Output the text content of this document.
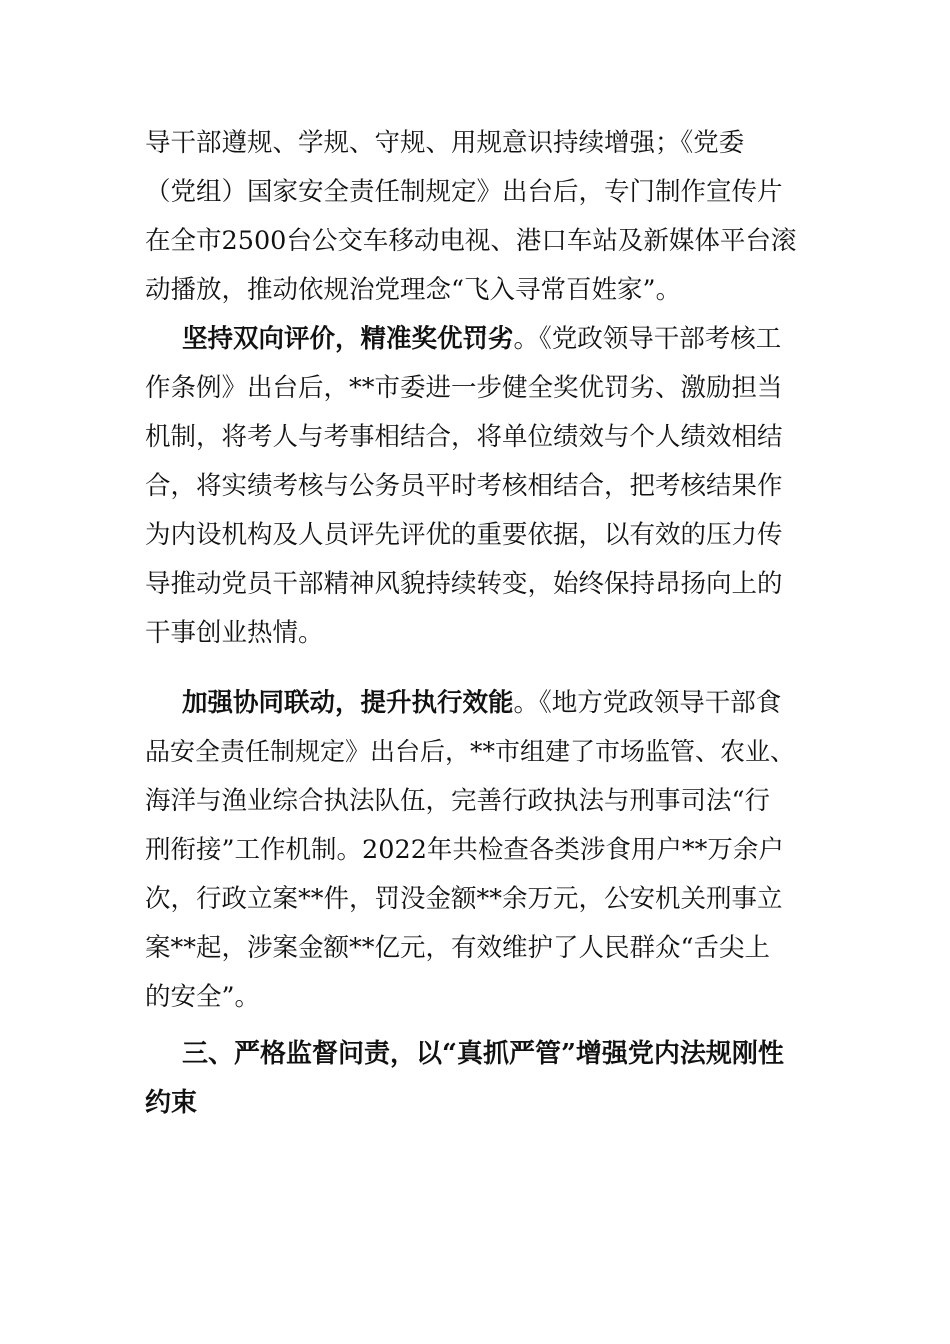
导干部遵规、学规、守规、用规意识持续增强；《党委
（党组）国家安全责任制规定》出台后，专门制作宣传片
在全市2500台公交车移动电视、港口车站及新媒体平台滚
动播放，推动依规治党理念“飞入寻常百姓家”。
坚持双向评价，精准奖优罚劣。《党政领导干部考核工
作条例》出台后，**市委进一步健全奖优罚劣、激励担当
机制，将考人与考事相结合，将单位绩效与个人绩效相结
合，将实绩考核与公务员平时考核相结合，把考核结果作
为内设机构及人员评先评优的重要依据，以有效的压力传
导推动党员干部精神风貌持续转变，始终保持昂扬向上的
干事创业热情。
加强协同联动，提升执行效能。《地方党政领导干部食
品安全责任制规定》出台后，**市组建了市场监管、农业、
海洋与渔业综合执法队伍，完善行政执法与刑事司法“行
刑衔接”工作机制。2022年共检查各类涉食用户**万余户
次，行政立案**件，罚没金额**余万元，公安机关刑事立
案**起，涉案金额**亿元，有效维护了人民群众“舌尖上
的安全”。
三、严格监督问责，以“真抓严管”增强党内法规刚性
约束
